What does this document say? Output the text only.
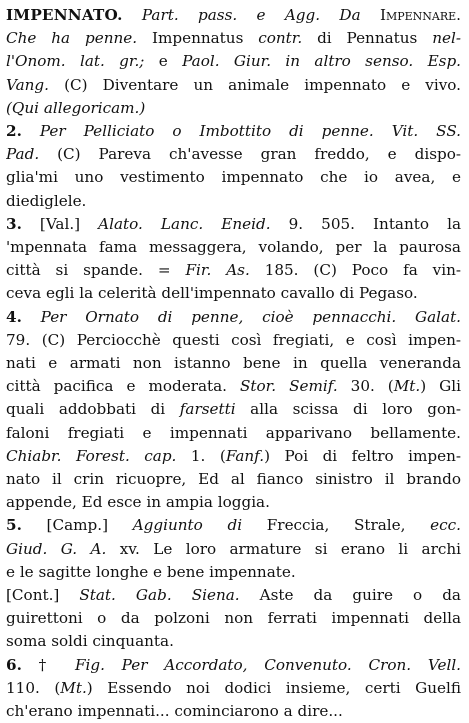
IMPENNATO. Part. pass. e Agg. Da Impennare.
Che ha penne. Impennatus contr. di Pennatus nel-
l'Onom. lat. gr.; e Paol. Giur. in altro senso. Esp.
Vang. (C) Diventare un animale impennato e vivo.
(Qui allegoricam.)
2. Per Pelliciato o Imbottito di penne. Vit. SS.
Pad. (C) Pareva ch'avesse gran freddo, e dispo-
glia'mi uno vestimento impennato che io avea, e
diediglele.
3. [Val.] Alato. Lanc. Eneid. 9. 505. Intanto la
'mpennata fama messaggera, volando, per la paurosa
città si spande. = Fir. As. 185. (C) Poco fa vin-
ceva egli la celerità dell'impennato cavallo di Pegaso.
4. Per Ornato di penne, cioè pennacchi. Galat.
79. (C) Perciocchè questi così fregiati, e così impen-
nati e armati non istanno bene in quella veneranda
città pacifica e moderata. Stor. Semif. 30. (Mt.) Gli
quali addobbati di farsetti alla scissa di loro gon-
faloni fregiati e impennati apparivano bellamente.
Chiabr. Forest. cap. 1. (Fanf.) Poi di feltro impen-
nato il crin ricuopre, Ed al fianco sinistro il brando
appende, Ed esce in ampia loggia.
5. [Camp.] Aggiunto di Freccia, Strale, ecc.
Giud. G. A. xv. Le loro armature si erano li archi
e le sagitte longhe e bene impennate.
[Cont.] Stat. Gab. Siena. Aste da guire o da
guirettoni o da polzoni non ferrati impennati della
soma soldi cinquanta.
6. † Fig. Per Accordato, Convenuto. Cron. Vell.
110. (Mt.) Essendo noi dodici insieme, certi Guelfi
ch'erano impennati... cominciarono a dire...
